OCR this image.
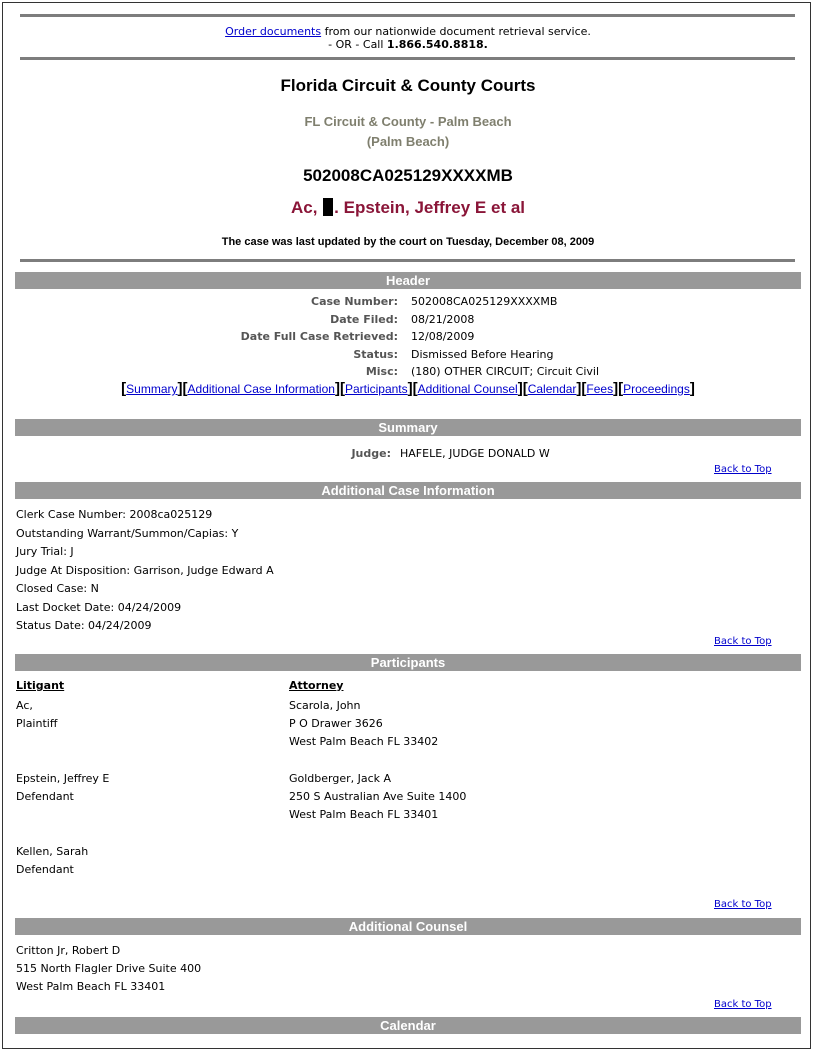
Order documents from our nationwide document retrieval service.
- OR - Call 1.866.540.8818.
Florida Circuit & County Courts
FL Circuit & County - Palm Beach
(Palm Beach)
502008CA025129XXXXMB
Ac, . Epstein, Jeffrey E et al
The case was last updated by the court on Tuesday, December 08, 2009
Header
Case Number: 502008CA025129XXXXMB
Date Filed: 08/21/2008
Date Full Case Retrieved: 12/08/2009
Status: Dismissed Before Hearing
Misc: (180) OTHER CIRCUIT; Circuit Civil
[Summary][Additional Case Information][Participants][Additional Counsel][Calendar][Fees][Proceedings]
Summary
Judge: HAFELE, JUDGE DONALD W
Back to Top
Additional Case Information
Clerk Case Number: 2008ca025129
Outstanding Warrant/Summon/Capias: Y
Jury Trial: J
Judge At Disposition: Garrison, Judge Edward A
Closed Case: N
Last Docket Date: 04/24/2009
Status Date: 04/24/2009
Back to Top
Participants
Litigant	Attorney
Ac,
Plaintiff
Scarola, John
P O Drawer 3626
West Palm Beach FL 33402
Epstein, Jeffrey E
Defendant
Goldberger, Jack A
250 S Australian Ave Suite 1400
West Palm Beach FL 33401
Kellen, Sarah
Defendant
Back to Top
Additional Counsel
Critton Jr, Robert D
515 North Flagler Drive Suite 400
West Palm Beach FL 33401
Back to Top
Calendar
